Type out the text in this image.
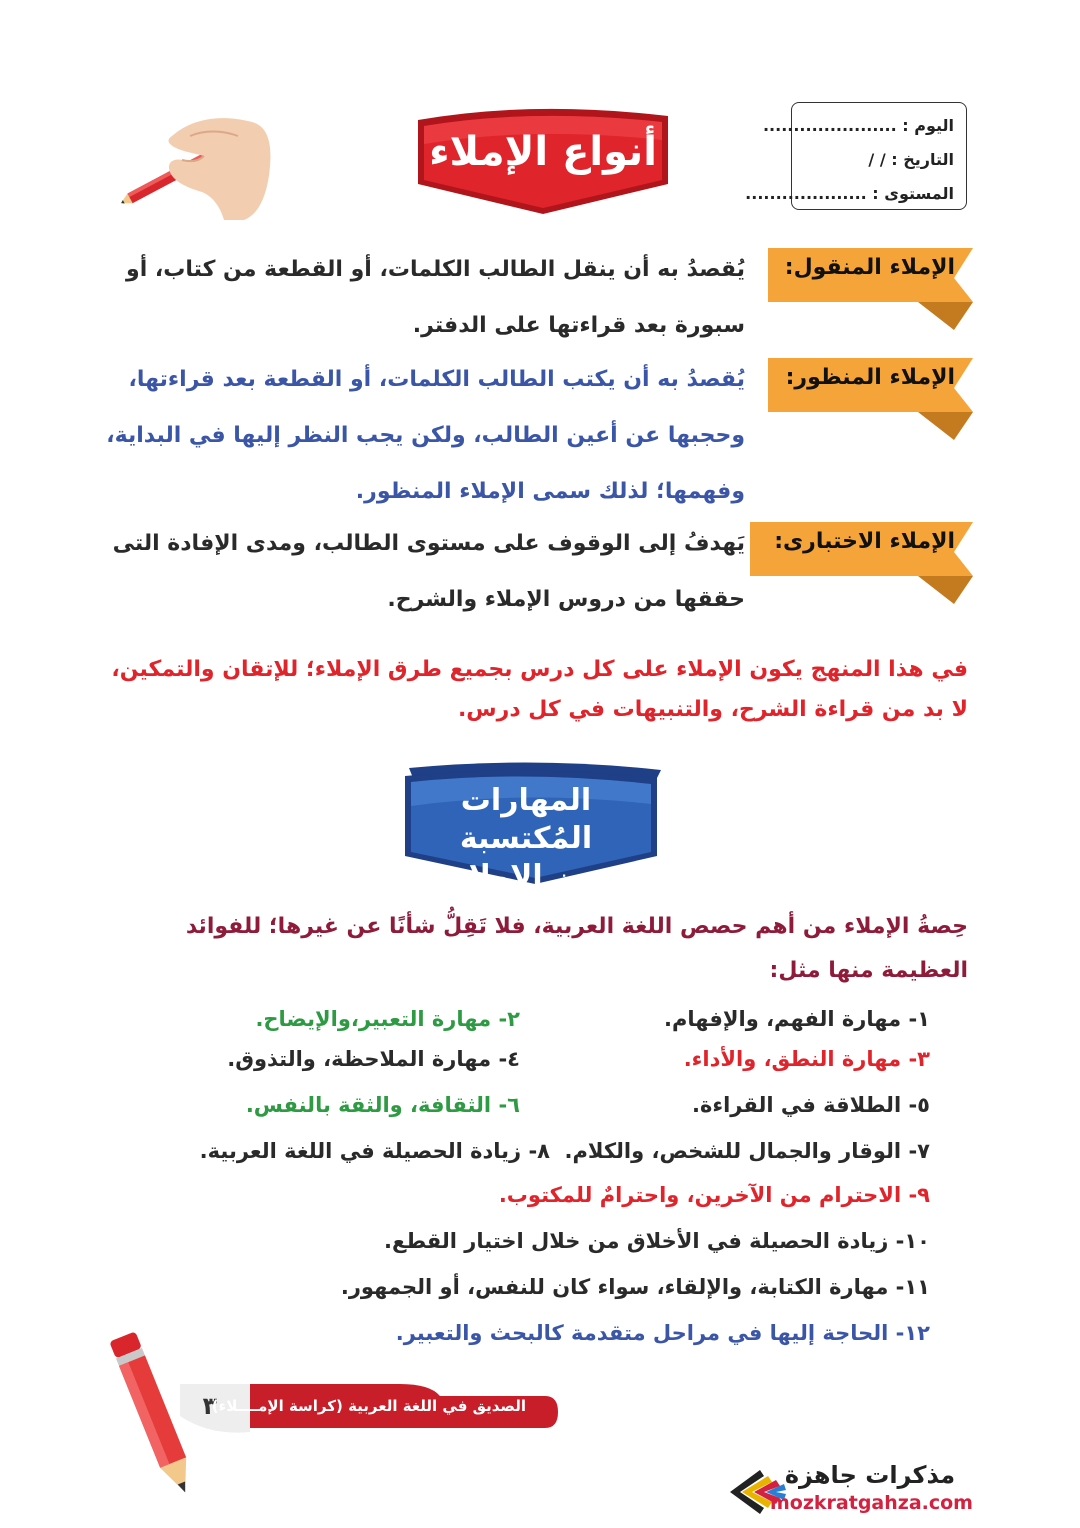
اليوم : ......................
التاريخ : / /
المستوى : ....................
أنواع الإملاء
الإملاء المنقول:
يُقصدُ به أن ينقل الطالب الكلمات، أو القطعة من كتاب، أو
سبورة بعد قراءتها على الدفتر.
الإملاء المنظور:
يُقصدُ به أن يكتب الطالب الكلمات، أو القطعة بعد قراءتها،
وحجبها عن أعين الطالب، ولكن يجب النظر إليها في البداية،
وفهمها؛ لذلك سمى الإملاء المنظور.
الإملاء الاختبارى:
يَهدفُ إلى الوقوف على مستوى الطالب، ومدى الإفادة التى
حققها من دروس الإملاء والشرح.
في هذا المنهج يكون الإملاء على كل درس بجميع طرق الإملاء؛ للإتقان والتمكين،
لا بد من قراءة الشرح، والتنبيهات في كل درس.
المهارات المُكتسبة
من الإملاء
حِصةُ الإملاء من أهم حصص اللغة العربية، فلا تَقِلُّ شأنًا عن غيرها؛ للفوائد
العظيمة منها مثل:
١- مهارة الفهم، والإفهام.
٢- مهارة التعبير،والإيضاح.
٣- مهارة النطق، والأداء.
٤- مهارة الملاحظة، والتذوق.
٥- الطلاقة في القراءة.
٦- الثقافة، والثقة بالنفس.
٧- الوقار والجمال للشخص، والكلام.
٨- زيادة الحصيلة في اللغة العربية.
٩- الاحترام من الآخرين، واحترامٌ للمكتوب.
١٠- زيادة الحصيلة في الأخلاق من خلال اختيار القطع.
١١- مهارة الكتابة، والإلقاء، سواء كان للنفس، أو الجمهور.
١٢- الحاجة إليها في مراحل متقدمة كالبحث والتعبير.
٣
الصديق في اللغة العربية (كراسة الإمــــلاء)
مذكرات جاهزة
mozkratgahza.com
